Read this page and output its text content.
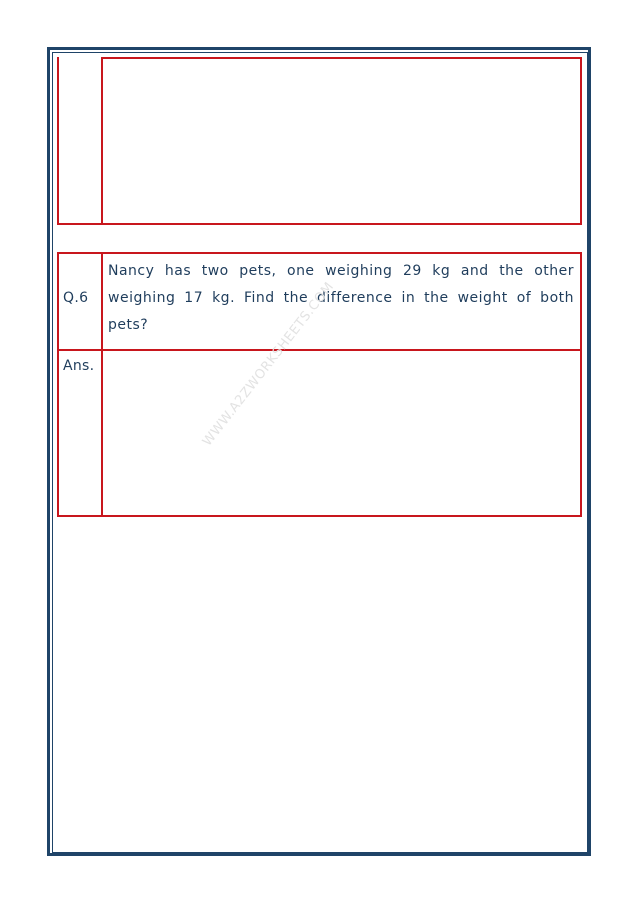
Q.6
Nancy has two pets, one weighing 29 kg and the other weighing 17 kg. Find the difference in the weight of both pets?
Ans.	WWW.A2ZWORKSHEETS.COM
